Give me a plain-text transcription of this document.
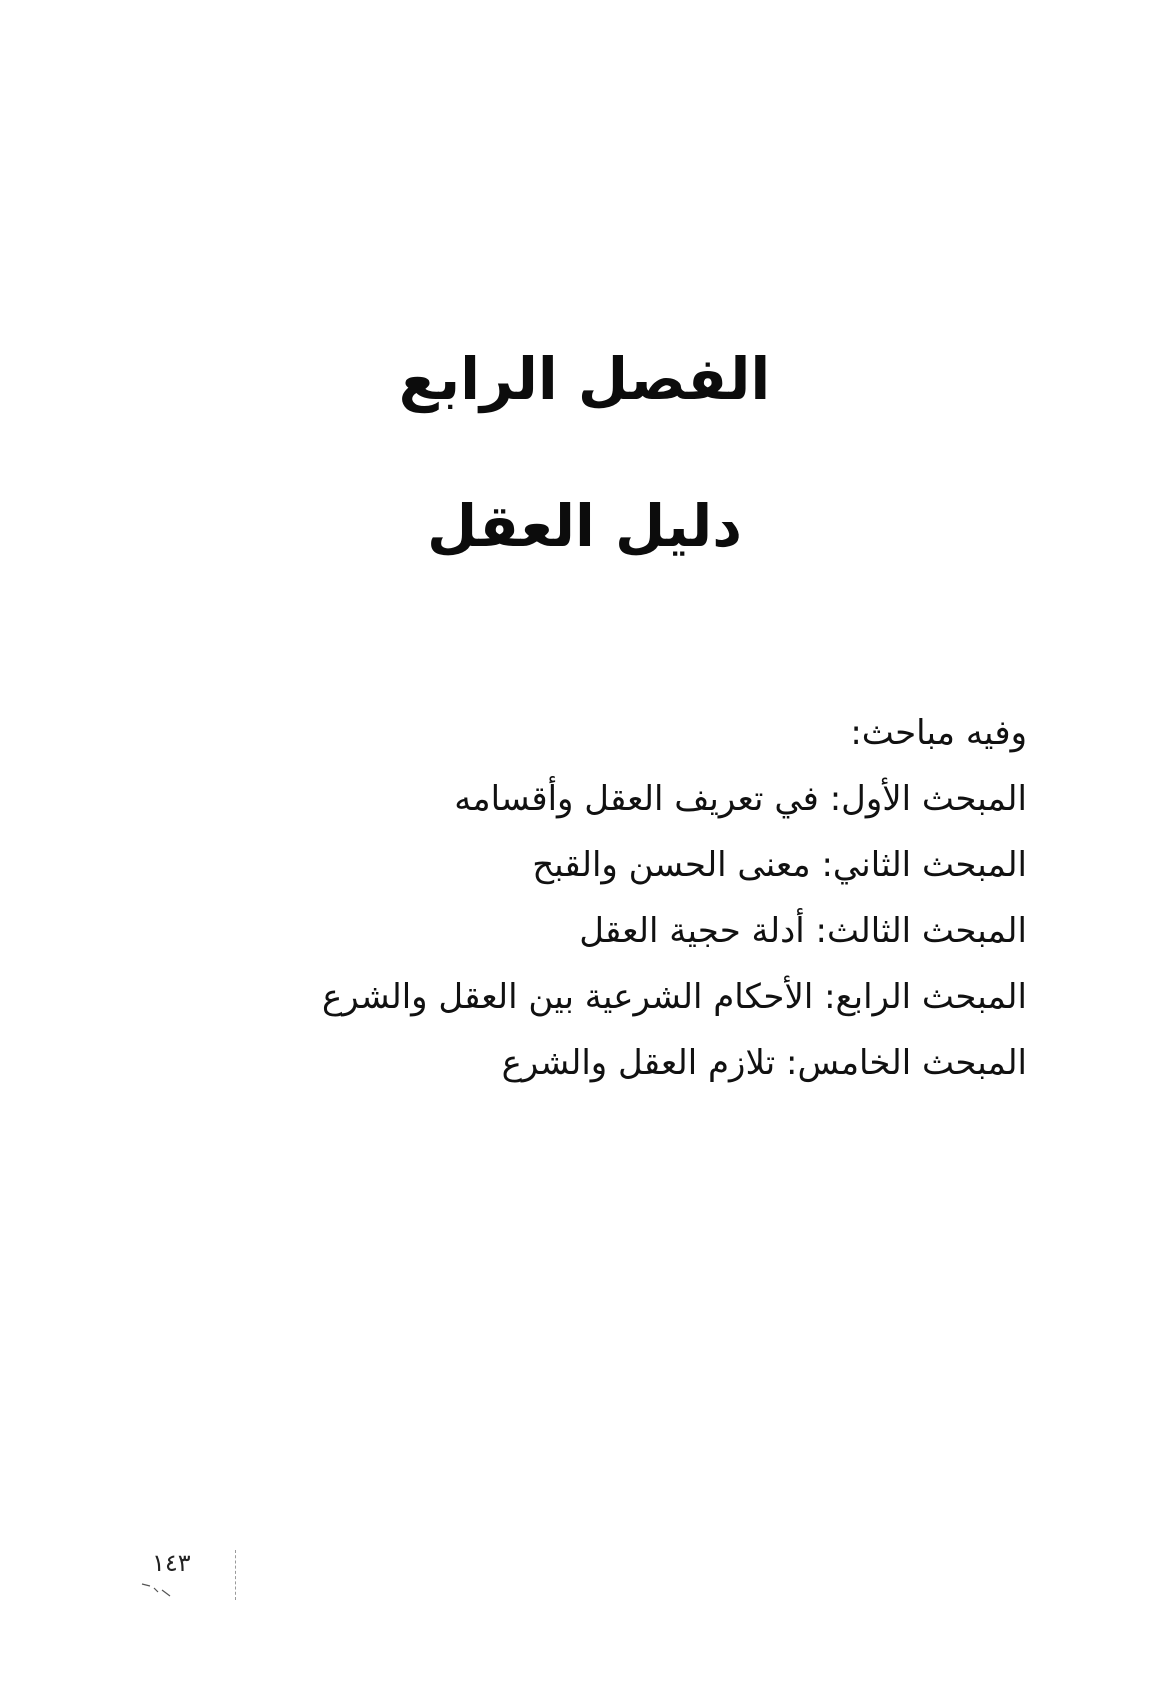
الفصل الرابع
دليل العقل

وفيه مباحث:

المبحث الأول: في تعريف العقل وأقسامه
المبحث الثاني: معنى الحسن والقبح
المبحث الثالث: أدلة حجية العقل
المبحث الرابع: الأحكام الشرعية بين العقل والشرع
المبحث الخامس: تلازم العقل والشرع
١٤٣
